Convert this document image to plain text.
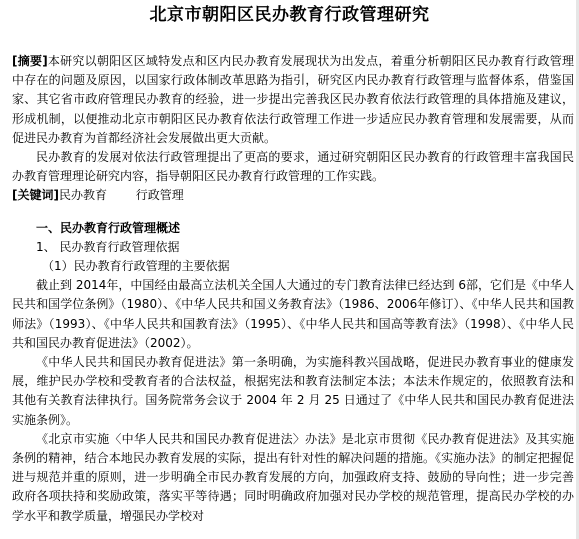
北京市朝阳区民办教育行政管理研究

[摘要]本研究以朝阳区区域特发点和区内民办教育发展现状为出发点，着重分析朝阳区民办教育行政管理中存在的问题及原因，以国家行政体制改革思路为指引，研究区内民办教育行政管理与监督体系，借鉴国家、其它省市政府管理民办教育的经验，进一步提出完善我区民办教育依法行政管理的具体措施及建议，形成机制，以便推动北京市朝阳区民办教育依法行政管理工作进一步适应民办教育管理和发展需要，从而促进民办教育为首都经济社会发展做出更大贡献。

民办教育的发展对依法行政管理提出了更高的要求，通过研究朝阳区民办教育的行政管理丰富我国民办教育管理理论研究内容，指导朝阳区民办教育行政管理的工作实践。

[关键词]民办教育 行政管理

一、民办教育行政管理概述

1、 民办教育行政管理依据

（1）民办教育行政管理的主要依据

截止到 2014年，中国经由最高立法机关全国人大通过的专门教育法律已经达到 6部，它们是《中华人民共和国学位条例》（1980）、《中华人民共和国义务教育法》（1986、2006年修订）、《中华人民共和国教师法》（1993）、《中华人民共和国教育法》（1995）、《中华人民共和国高等教育法》（1998）、《中华人民共和国民办教育促进法》（2002）。

《中华人民共和国民办教育促进法》第一条明确，为实施科教兴国战略，促进民办教育事业的健康发展，维护民办学校和受教育者的合法权益，根据宪法和教育法制定本法；本法未作规定的，依照教育法和其他有关教育法律执行。国务院常务会议于 2004 年 2 月 25 日通过了《中华人民共和国民办教育促进法实施条例》。

《北京市实施〈中华人民共和国民办教育促进法〉办法》是北京市贯彻《民办教育促进法》及其实施条例的精神，结合本地民办教育发展的实际，提出有针对性的解决问题的措施。《实施办法》的制定把握促进与规范并重的原则，进一步明确全市民办教育发展的方向，加强政府支持、鼓励的导向性；进一步完善政府各项扶持和奖励政策，落实平等待遇；同时明确政府加强对民办学校的规范管理，提高民办学校的办学水平和教学质量，增强民办学校对
